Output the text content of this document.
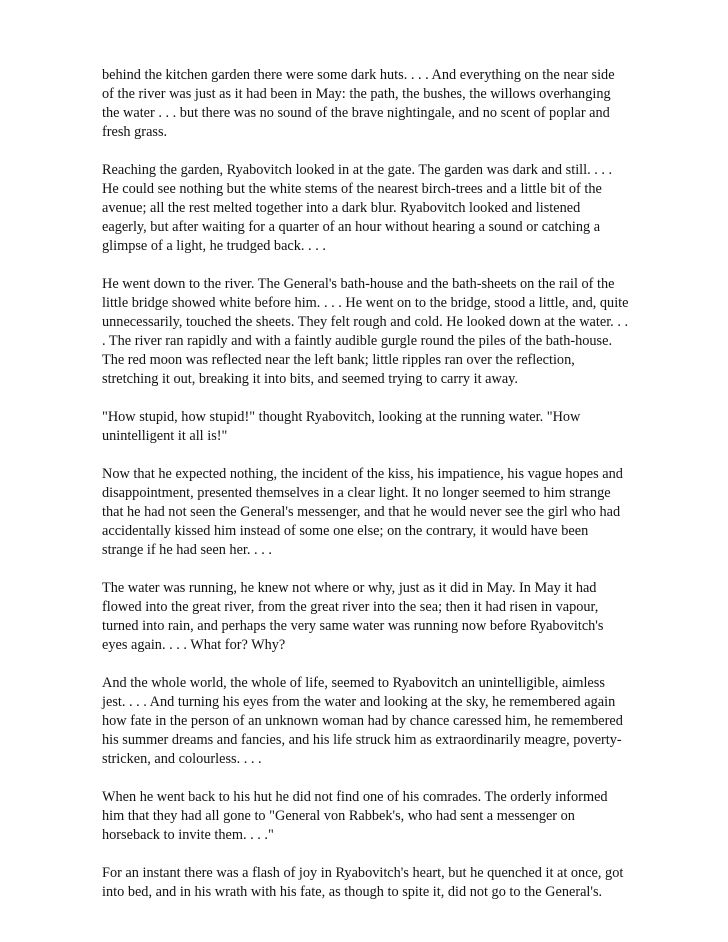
behind the kitchen garden there were some dark huts. . . . And everything on the near side
of the river was just as it had been in May: the path, the bushes, the willows overhanging
the water . . . but there was no sound of the brave nightingale, and no scent of poplar and
fresh grass.
Reaching the garden, Ryabovitch looked in at the gate. The garden was dark and still. . . .
He could see nothing but the white stems of the nearest birch-trees and a little bit of the
avenue; all the rest melted together into a dark blur. Ryabovitch looked and listened
eagerly, but after waiting for a quarter of an hour without hearing a sound or catching a
glimpse of a light, he trudged back. . . .
He went down to the river. The General's bath-house and the bath-sheets on the rail of the
little bridge showed white before him. . . . He went on to the bridge, stood a little, and, quite
unnecessarily, touched the sheets. They felt rough and cold. He looked down at the water. . .
. The river ran rapidly and with a faintly audible gurgle round the piles of the bath-house.
The red moon was reflected near the left bank; little ripples ran over the reflection,
stretching it out, breaking it into bits, and seemed trying to carry it away.
"How stupid, how stupid!" thought Ryabovitch, looking at the running water. "How
unintelligent it all is!"
Now that he expected nothing, the incident of the kiss, his impatience, his vague hopes and
disappointment, presented themselves in a clear light. It no longer seemed to him strange
that he had not seen the General's messenger, and that he would never see the girl who had
accidentally kissed him instead of some one else; on the contrary, it would have been
strange if he had seen her. . . .
The water was running, he knew not where or why, just as it did in May. In May it had
flowed into the great river, from the great river into the sea; then it had risen in vapour,
turned into rain, and perhaps the very same water was running now before Ryabovitch's
eyes again. . . . What for? Why?
And the whole world, the whole of life, seemed to Ryabovitch an unintelligible, aimless
jest. . . . And turning his eyes from the water and looking at the sky, he remembered again
how fate in the person of an unknown woman had by chance caressed him, he remembered
his summer dreams and fancies, and his life struck him as extraordinarily meagre, poverty-
stricken, and colourless. . . .
When he went back to his hut he did not find one of his comrades. The orderly informed
him that they had all gone to "General von Rabbek's, who had sent a messenger on
horseback to invite them. . . ."
For an instant there was a flash of joy in Ryabovitch's heart, but he quenched it at once, got
into bed, and in his wrath with his fate, as though to spite it, did not go to the General's.
